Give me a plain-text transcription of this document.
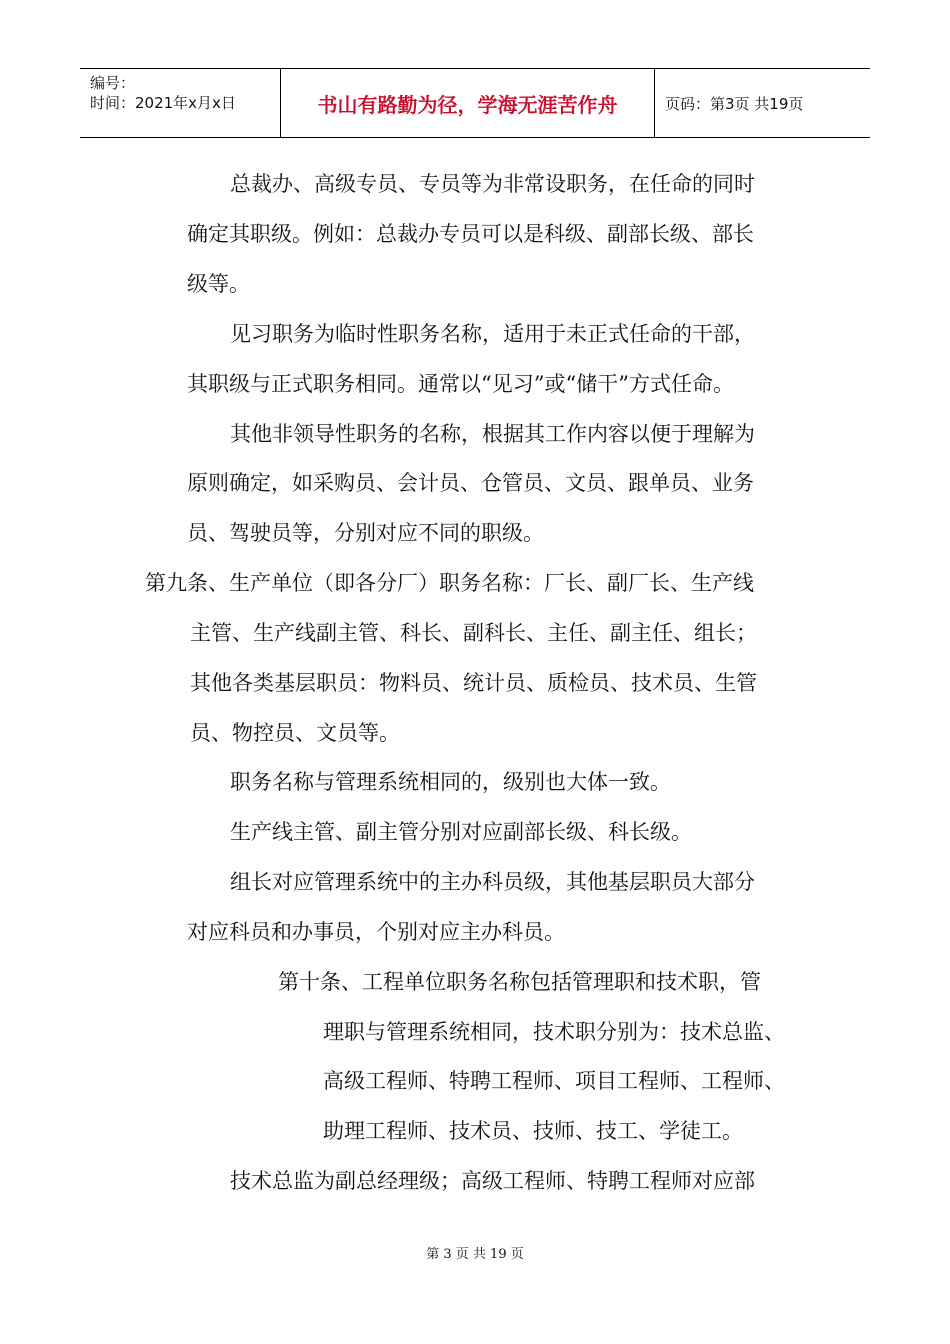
编号：
时间：2021年x月x日	书山有路勤为径，学海无涯苦作舟	页码：第3页 共19页
总裁办、高级专员、专员等为非常设职务，在任命的同时
确定其职级。例如：总裁办专员可以是科级、副部长级、部长
级等。
见习职务为临时性职务名称，适用于未正式任命的干部，
其职级与正式职务相同。通常以“见习”或“储干”方式任命。
其他非领导性职务的名称，根据其工作内容以便于理解为
原则确定，如采购员、会计员、仓管员、文员、跟单员、业务
员、驾驶员等，分别对应不同的职级。
第九条、生产单位（即各分厂）职务名称：厂长、副厂长、生产线
主管、生产线副主管、科长、副科长、主任、副主任、组长；
其他各类基层职员：物料员、统计员、质检员、技术员、生管
员、物控员、文员等。
职务名称与管理系统相同的，级别也大体一致。
生产线主管、副主管分别对应副部长级、科长级。
组长对应管理系统中的主办科员级，其他基层职员大部分
对应科员和办事员，个别对应主办科员。
第十条、工程单位职务名称包括管理职和技术职，管
理职与管理系统相同，技术职分别为：技术总监、
高级工程师、特聘工程师、项目工程师、工程师、
助理工程师、技术员、技师、技工、学徒工。
技术总监为副总经理级；高级工程师、特聘工程师对应部
第 3 页 共 19 页
